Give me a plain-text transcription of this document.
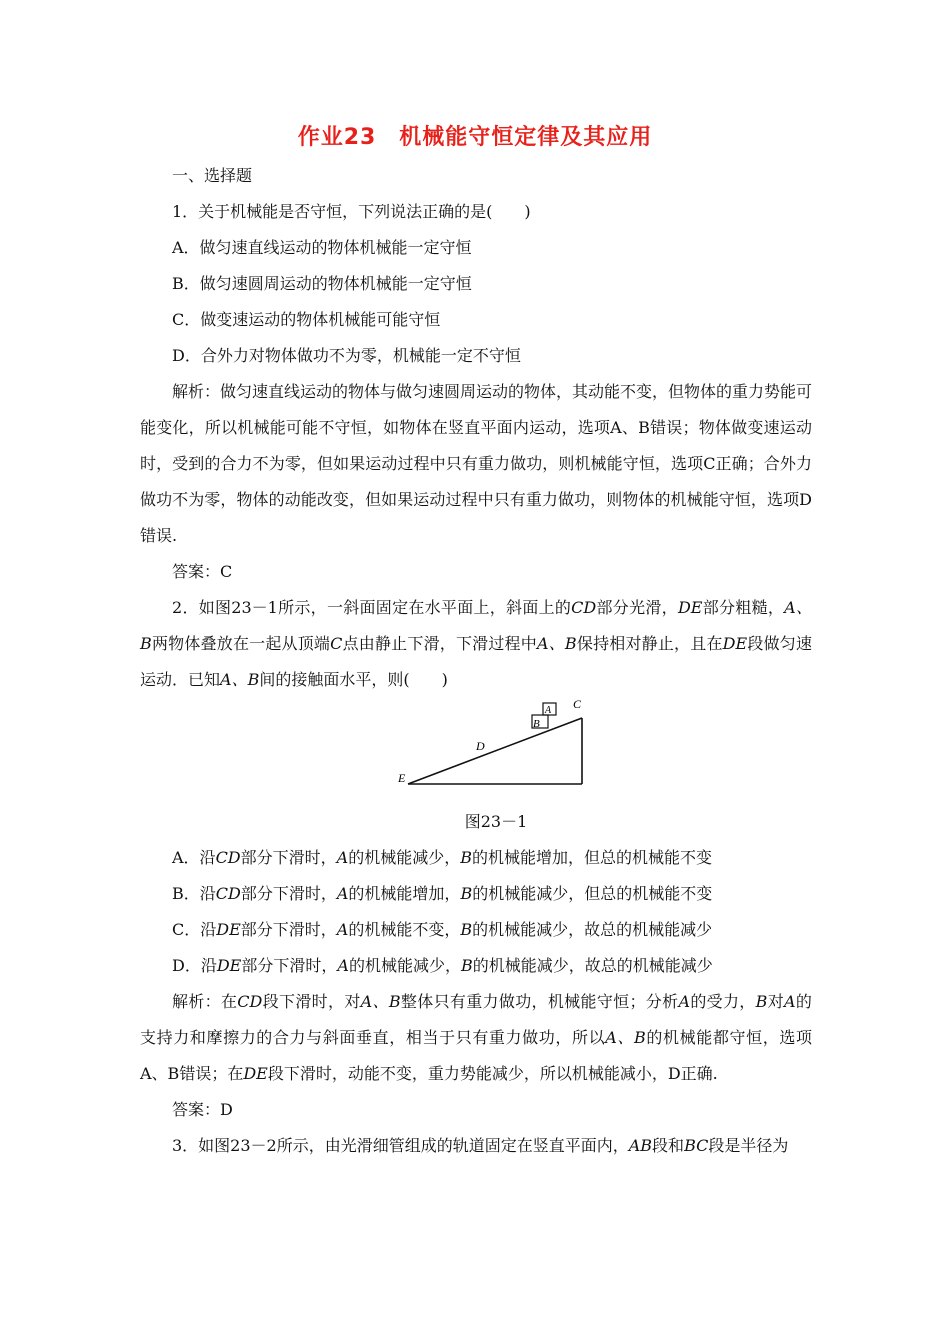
作业23　机械能守恒定律及其应用

一、选择题

1．关于机械能是否守恒，下列说法正确的是(　　)

A．做匀速直线运动的物体机械能一定守恒

B．做匀速圆周运动的物体机械能一定守恒

C．做变速运动的物体机械能可能守恒

D．合外力对物体做功不为零，机械能一定不守恒

解析：做匀速直线运动的物体与做匀速圆周运动的物体，其动能不变，但物体的重力势能可能变化，所以机械能可能不守恒，如物体在竖直平面内运动，选项A、B错误；物体做变速运动时，受到的合力不为零，但如果运动过程中只有重力做功，则机械能守恒，选项C正确；合外力做功不为零，物体的动能改变，但如果运动过程中只有重力做功，则物体的机械能守恒，选项D错误.

答案：C

2．如图23－1所示，一斜面固定在水平面上，斜面上的CD部分光滑，DE部分粗糙，A、B两物体叠放在一起从顶端C点由静止下滑，下滑过程中A、B保持相对静止，且在DE段做匀速运动．已知A、B间的接触面水平，则(　　)

A
B
C
D
E

图23－1

A．沿CD部分下滑时，A的机械能减少，B的机械能增加，但总的机械能不变

B．沿CD部分下滑时，A的机械能增加，B的机械能减少，但总的机械能不变

C．沿DE部分下滑时，A的机械能不变，B的机械能减少，故总的机械能减少

D．沿DE部分下滑时，A的机械能减少，B的机械能减少，故总的机械能减少

解析：在CD段下滑时，对A、B整体只有重力做功，机械能守恒；分析A的受力，B对A的支持力和摩擦力的合力与斜面垂直，相当于只有重力做功，所以A、B的机械能都守恒，选项A、B错误；在DE段下滑时，动能不变，重力势能减少，所以机械能减小，D正确.

答案：D

3．如图23－2所示，由光滑细管组成的轨道固定在竖直平面内，AB段和BC段是半径为
